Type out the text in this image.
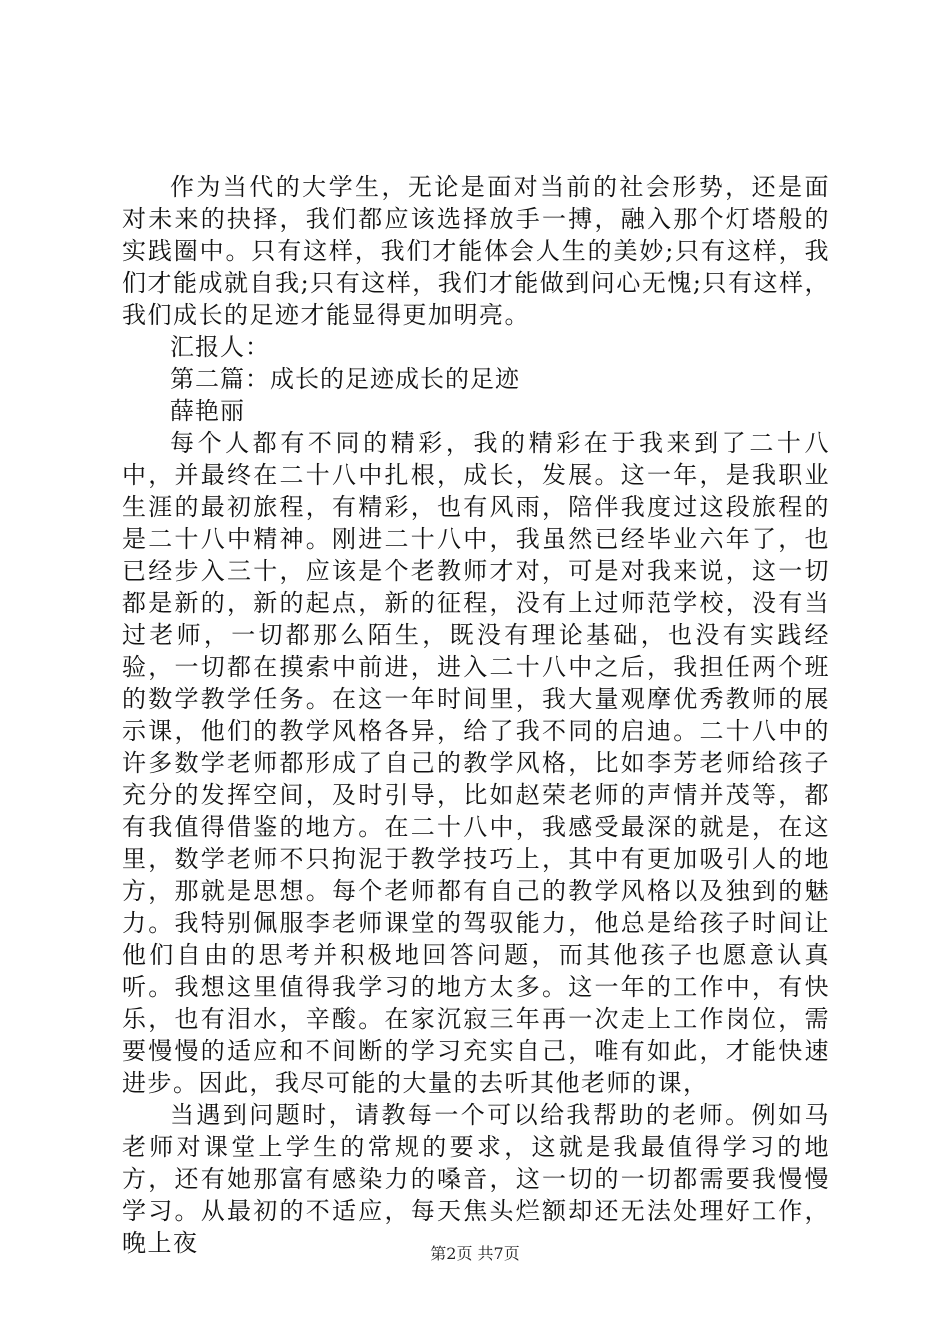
作为当代的大学生，无论是面对当前的社会形势，还是面对未来的抉择，我们都应该选择放手一搏，融入那个灯塔般的实践圈中。只有这样，我们才能体会人生的美妙;只有这样，我们才能成就自我;只有这样，我们才能做到问心无愧;只有这样，我们成长的足迹才能显得更加明亮。

汇报人：

第二篇：成长的足迹成长的足迹

薛艳丽

每个人都有不同的精彩，我的精彩在于我来到了二十八中，并最终在二十八中扎根，成长，发展。这一年，是我职业生涯的最初旅程，有精彩，也有风雨，陪伴我度过这段旅程的是二十八中精神。刚进二十八中，我虽然已经毕业六年了，也已经步入三十，应该是个老教师才对，可是对我来说，这一切都是新的，新的起点，新的征程，没有上过师范学校，没有当过老师，一切都那么陌生，既没有理论基础，也没有实践经验，一切都在摸索中前进，进入二十八中之后，我担任两个班的数学教学任务。在这一年时间里，我大量观摩优秀教师的展示课，他们的教学风格各异，给了我不同的启迪。二十八中的许多数学老师都形成了自己的教学风格，比如李芳老师给孩子充分的发挥空间，及时引导，比如赵荣老师的声情并茂等，都有我值得借鉴的地方。在二十八中，我感受最深的就是，在这里，数学老师不只拘泥于教学技巧上，其中有更加吸引人的地方，那就是思想。每个老师都有自己的教学风格以及独到的魅力。我特别佩服李老师课堂的驾驭能力，他总是给孩子时间让他们自由的思考并积极地回答问题，而其他孩子也愿意认真听。我想这里值得我学习的地方太多。这一年的工作中，有快乐，也有泪水，辛酸。在家沉寂三年再一次走上工作岗位，需要慢慢的适应和不间断的学习充实自己，唯有如此，才能快速进步。因此，我尽可能的大量的去听其他老师的课，

当遇到问题时，请教每一个可以给我帮助的老师。例如马老师对课堂上学生的常规的要求，这就是我最值得学习的地方，还有她那富有感染力的嗓音，这一切的一切都需要我慢慢学习。从最初的不适应，每天焦头烂额却还无法处理好工作，晚上夜	第2页 共7页
